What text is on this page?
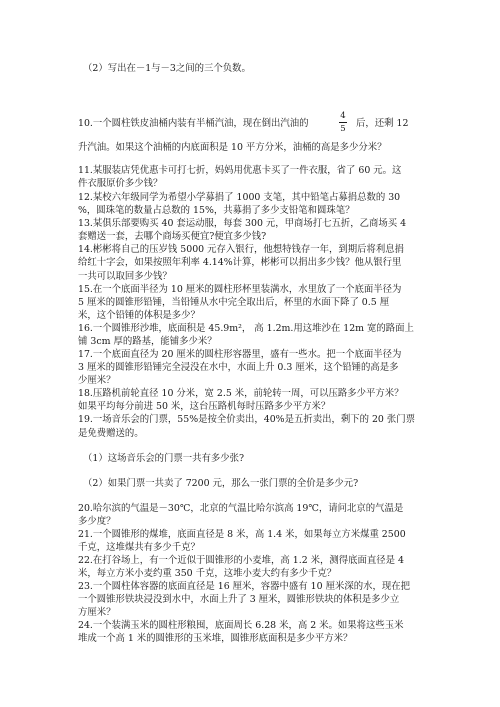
（2）写出在－1与－3之间的三个负数。
10.一个圆柱铁皮油桶内装有半桶汽油，现在倒出汽油的
4
5 后，还剩 12
升汽油。如果这个油桶的内底面积是 10 平方分米，油桶的高是多少分米？
11.某服装店凭优惠卡可打七折，妈妈用优惠卡买了一件衣服，省了 60 元。这
件衣服原价多少钱？
12.某校六年级同学为希望小学募捐了 1000 支笔，其中铅笔占募捐总数的 30
%，圆珠笔的数量占总数的 15%，共募捐了多少支铅笔和圆珠笔？
13.某俱乐部要购买 40 套运动服，每套 300 元，甲商场打七五折，乙商场买 4
套赠送一套，去哪个商场买便宜?便宜多少钱?
14.彬彬将自己的压岁钱 5000 元存入银行，他想特钱存一年，到期后将利息捐
给红十字会，如果按照年利率 4.14%计算，彬彬可以捐出多少钱？他从银行里
一共可以取回多少钱？
15.在一个底面半径为 10 厘米的圆柱形杯里装满水，水里放了一个底面半径为
5 厘米的圆锥形铅锤，当铅锤从水中完全取出后，杯里的水面下降了 0.5 厘
米，这个铅锤的体积是多少？
16.一个圆锥形沙堆，底面积是 45.9m²， 高 1.2m.用这堆沙在 12m 宽的路面上
铺 3cm 厚的路基，能铺多少米？
17.一个底面直径为 20 厘米的圆柱形容器里，盛有一些水。把一个底面半径为
3 厘米的圆锥形铅锤完全浸没在水中，水面上升 0.3 厘米，这个铅锤的高是多
少厘米？
18.压路机前轮直径 10 分米，宽 2.5 米，前轮转一周，可以压路多少平方米？
如果平均每分前进 50 米，这台压路机每时压路多少平方米？
19.一场音乐会的门票，55%是按全价卖出，40%是五折卖出，剩下的 20 张门票
是免费赠送的。
（1）这场音乐会的门票一共有多少张?
（2）如果门票一共卖了 7200 元，那么一张门票的全价是多少元?
20.哈尔滨的气温是－30℃，北京的气温比哈尔滨高 19℃，请问北京的气温是
多少度？
21.一个圆锥形的煤堆，底面直径是 8 米，高 1.4 米，如果每立方米煤重 2500
千克，这堆煤共有多少千克？
22.在打谷场上，有一个近似于圆锥形的小麦堆，高 1.2 米，测得底面直径是 4
米，每立方米小麦约重 350 千克，这堆小麦大约有多少千克？
23.一个圆柱体容器的底面直径是 16 厘米，容器中盛有 10 厘米深的水，现在把
一个圆锥形铁块浸没到水中，水面上升了 3 厘米，圆锥形铁块的体积是多少立
方厘米？
24.一个装满玉米的圆柱形粮囤，底面周长 6.28 米，高 2 米。如果将这些玉米
堆成一个高 1 米的圆锥形的玉米堆，圆锥形底面积是多少平方米？
